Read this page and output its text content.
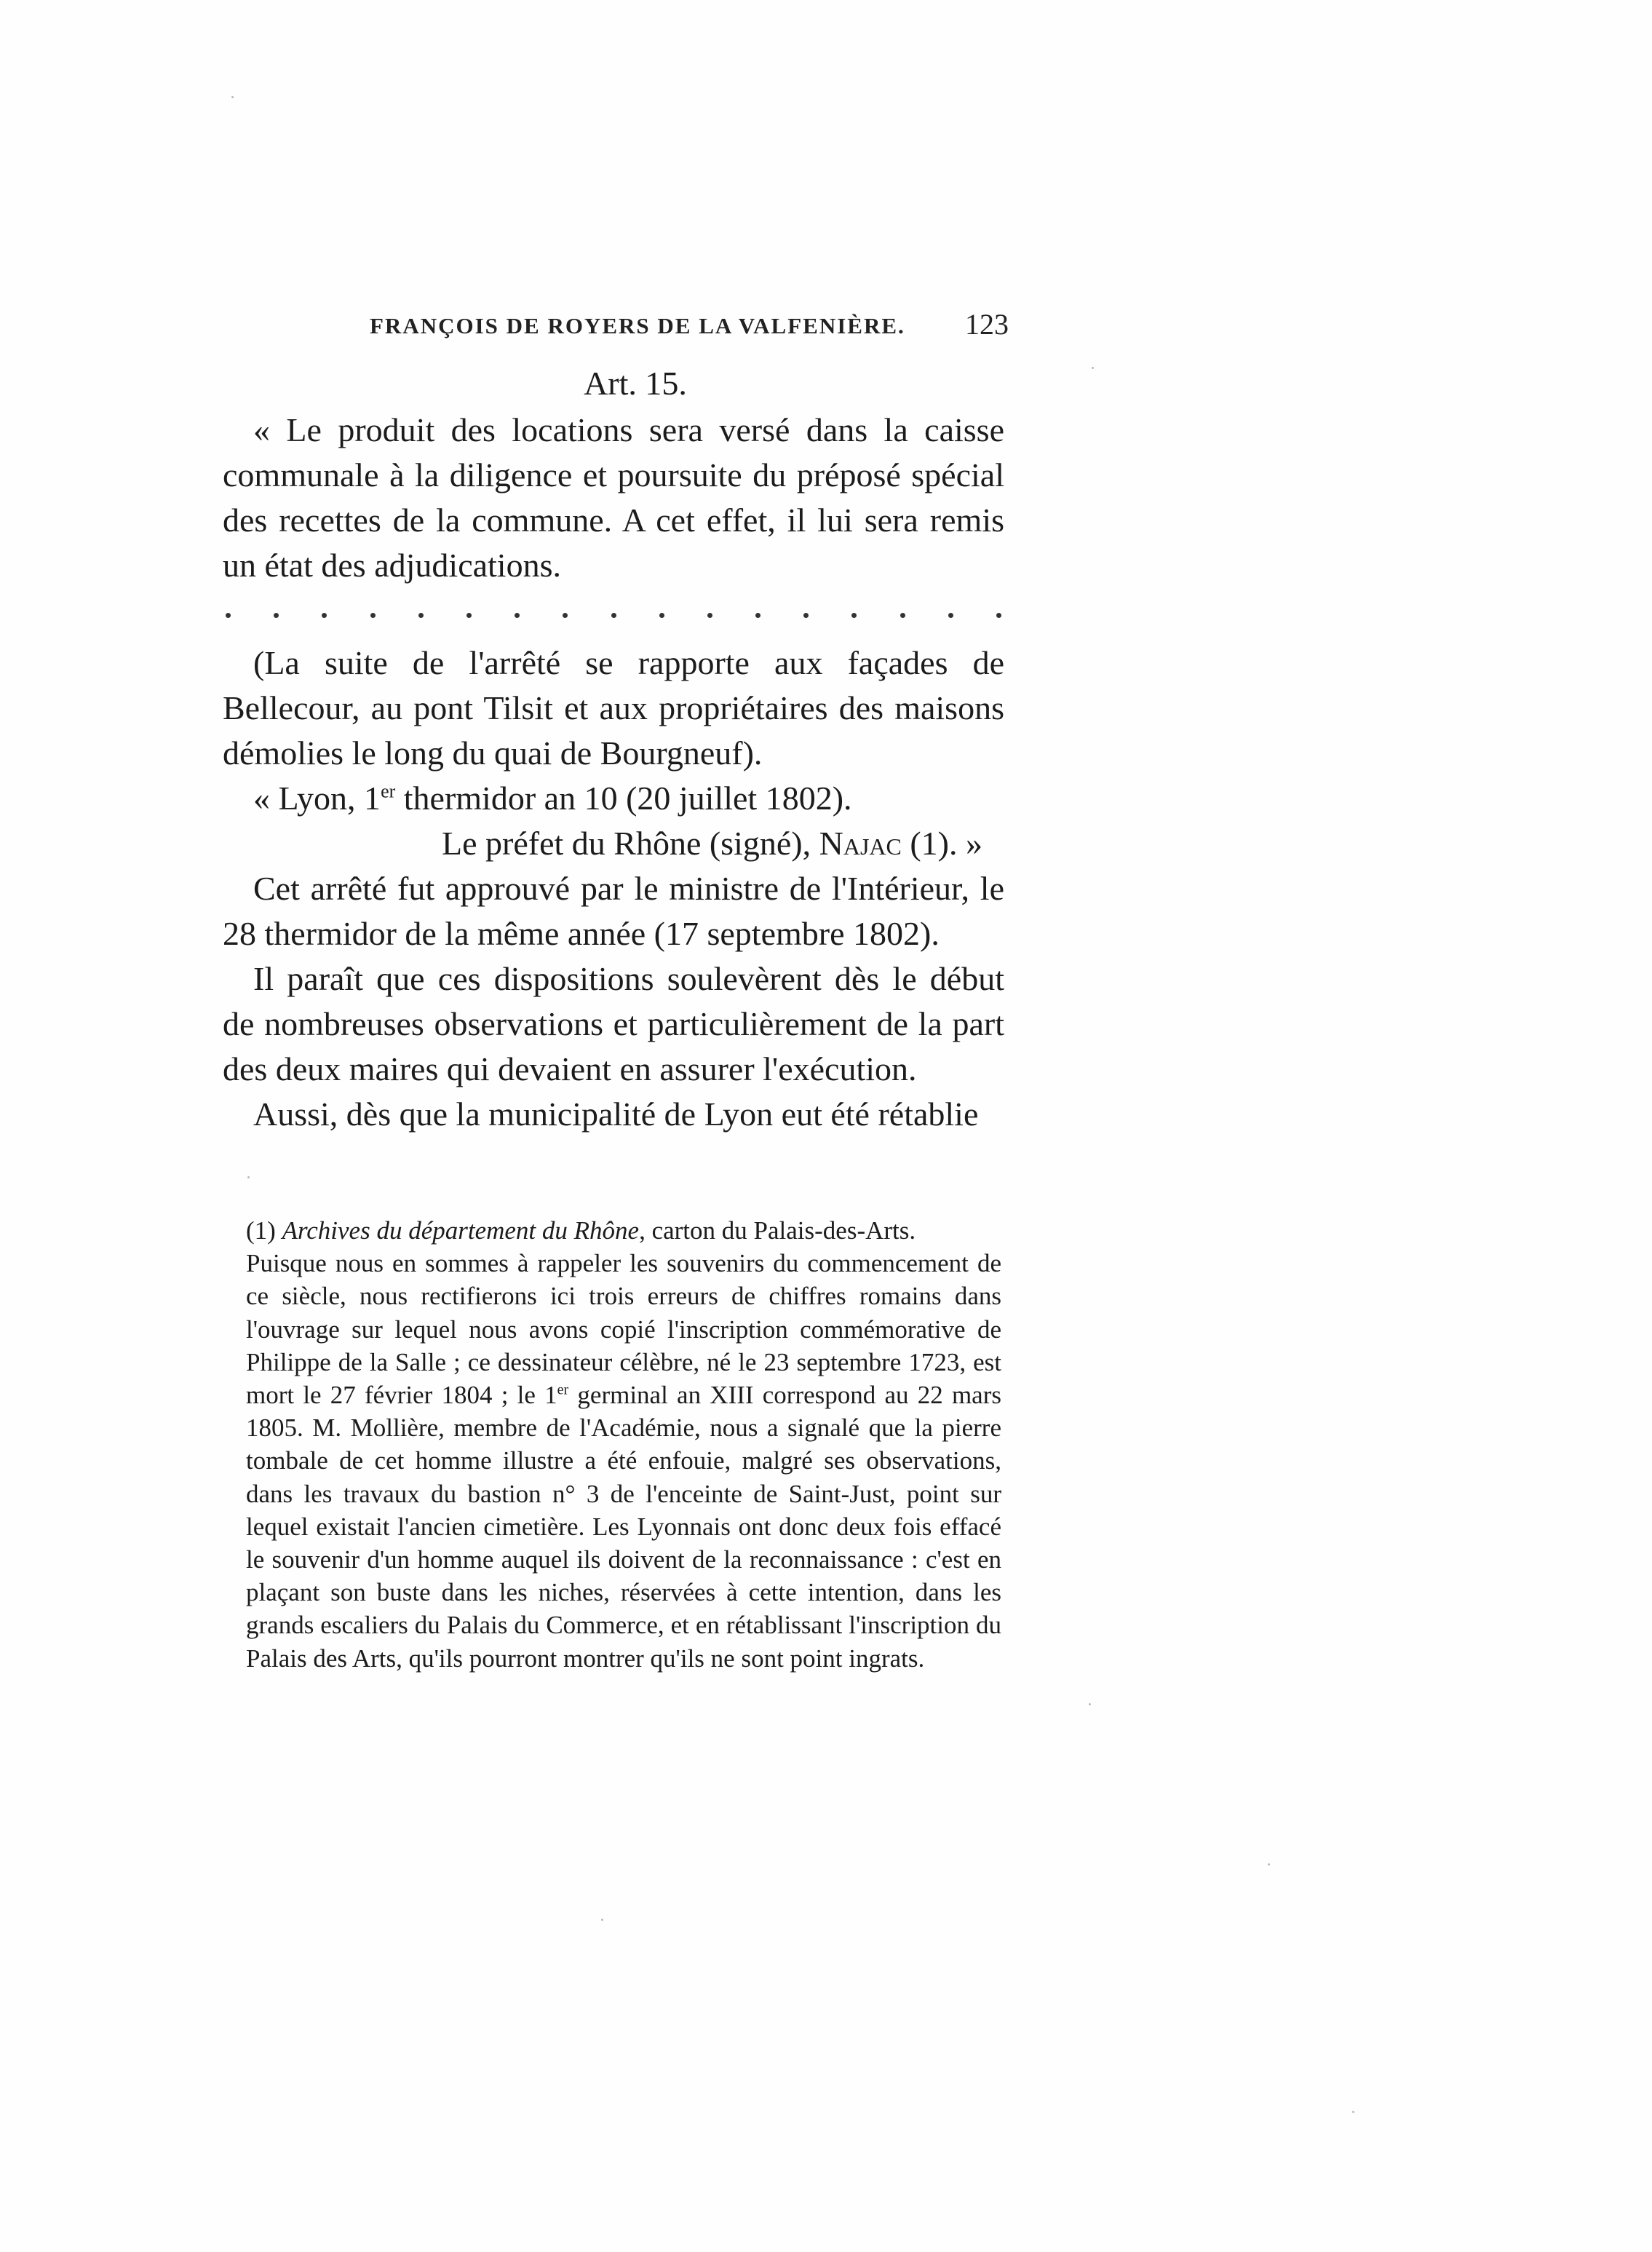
FRANÇOIS DE ROYERS DE LA VALFENIÈRE. 123

Art. 15.

« Le produit des locations sera versé dans la caisse communale à la diligence et poursuite du préposé spécial des recettes de la commune. A cet effet, il lui sera remis un état des adjudications.

(La suite de l'arrêté se rapporte aux façades de Bellecour, au pont Tilsit et aux propriétaires des maisons démolies le long du quai de Bourgneuf).

« Lyon, 1er thermidor an 10 (20 juillet 1802).

Le préfet du Rhône (signé), Najac (1). »

Cet arrêté fut approuvé par le ministre de l'Intérieur, le 28 thermidor de la même année (17 septembre 1802).

Il paraît que ces dispositions soulevèrent dès le début de nombreuses observations et particulièrement de la part des deux maires qui devaient en assurer l'exécution.

Aussi, dès que la municipalité de Lyon eut été rétablie

(1) Archives du département du Rhône, carton du Palais-des-Arts.

Puisque nous en sommes à rappeler les souvenirs du commencement de ce siècle, nous rectifierons ici trois erreurs de chiffres romains dans l'ouvrage sur lequel nous avons copié l'inscription commémorative de Philippe de la Salle ; ce dessinateur célèbre, né le 23 septembre 1723, est mort le 27 février 1804 ; le 1er germinal an XIII correspond au 22 mars 1805. M. Mollière, membre de l'Académie, nous a signalé que la pierre tombale de cet homme illustre a été enfouie, malgré ses observations, dans les travaux du bastion n° 3 de l'enceinte de Saint-Just, point sur lequel existait l'ancien cimetière. Les Lyonnais ont donc deux fois effacé le souvenir d'un homme auquel ils doivent de la reconnaissance : c'est en plaçant son buste dans les niches, réservées à cette intention, dans les grands escaliers du Palais du Commerce, et en rétablissant l'inscription du Palais des Arts, qu'ils pourront montrer qu'ils ne sont point ingrats.
